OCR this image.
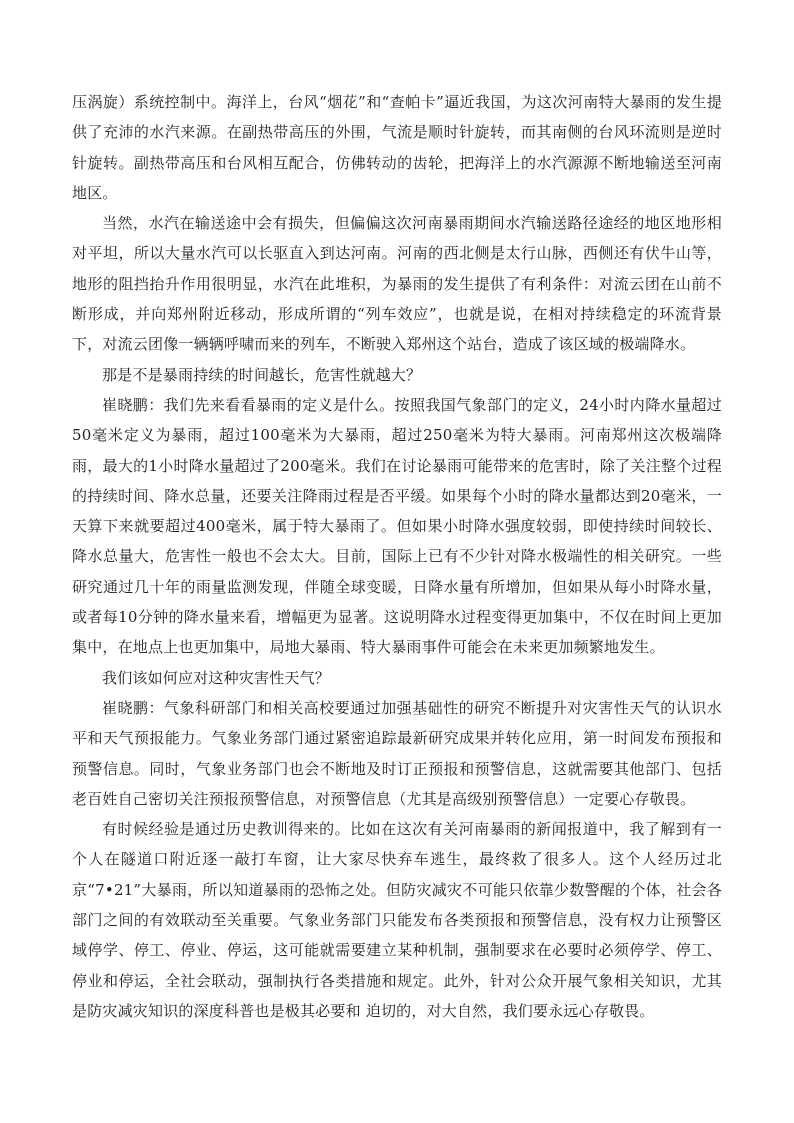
压涡旋）系统控制中。海洋上，台风“烟花”和“查帕卡”逼近我国，为这次河南特大暴雨的发生提供了充沛的水汽来源。在副热带高压的外围，气流是顺时针旋转，而其南侧的台风环流则是逆时针旋转。副热带高压和台风相互配合，仿佛转动的齿轮，把海洋上的水汽源源不断地输送至河南地区。

当然，水汽在输送途中会有损失，但偏偏这次河南暴雨期间水汽输送路径途经的地区地形相对平坦，所以大量水汽可以长驱直入到达河南。河南的西北侧是太行山脉，西侧还有伏牛山等，地形的阻挡抬升作用很明显，水汽在此堆积，为暴雨的发生提供了有利条件：对流云团在山前不断形成，并向郑州附近移动，形成所谓的“列车效应”，也就是说，在相对持续稳定的环流背景下，对流云团像一辆辆呼啸而来的列车，不断驶入郑州这个站台，造成了该区域的极端降水。

那是不是暴雨持续的时间越长，危害性就越大？

崔晓鹏：我们先来看看暴雨的定义是什么。按照我国气象部门的定义，24小时内降水量超过50毫米定义为暴雨，超过100毫米为大暴雨，超过250毫米为特大暴雨。河南郑州这次极端降雨，最大的1小时降水量超过了200毫米。我们在讨论暴雨可能带来的危害时，除了关注整个过程的持续时间、降水总量，还要关注降雨过程是否平缓。如果每个小时的降水量都达到20毫米，一天算下来就要超过400毫米，属于特大暴雨了。但如果小时降水强度较弱，即使持续时间较长、降水总量大，危害性一般也不会太大。目前，国际上已有不少针对降水极端性的相关研究。一些研究通过几十年的雨量监测发现，伴随全球变暖，日降水量有所增加，但如果从每小时降水量，或者每10分钟的降水量来看，增幅更为显著。这说明降水过程变得更加集中，不仅在时间上更加集中，在地点上也更加集中，局地大暴雨、特大暴雨事件可能会在未来更加频繁地发生。

我们该如何应对这种灾害性天气？

崔晓鹏：气象科研部门和相关高校要通过加强基础性的研究不断提升对灾害性天气的认识水平和天气预报能力。气象业务部门通过紧密追踪最新研究成果并转化应用，第一时间发布预报和预警信息。同时，气象业务部门也会不断地及时订正预报和预警信息，这就需要其他部门、包括老百姓自己密切关注预报预警信息，对预警信息（尤其是高级别预警信息）一定要心存敬畏。

有时候经验是通过历史教训得来的。比如在这次有关河南暴雨的新闻报道中，我了解到有一个人在隧道口附近逐一敲打车窗，让大家尽快弃车逃生，最终救了很多人。这个人经历过北京“7•21”大暴雨，所以知道暴雨的恐怖之处。但防灾减灾不可能只依靠少数警醒的个体，社会各部门之间的有效联动至关重要。气象业务部门只能发布各类预报和预警信息，没有权力让预警区域停学、停工、停业、停运，这可能就需要建立某种机制，强制要求在必要时必须停学、停工、停业和停运，全社会联动，强制执行各类措施和规定。此外，针对公众开展气象相关知识，尤其是防灾减灾知识的深度科普也是极其必要和 迫切的，对大自然，我们要永远心存敬畏。
